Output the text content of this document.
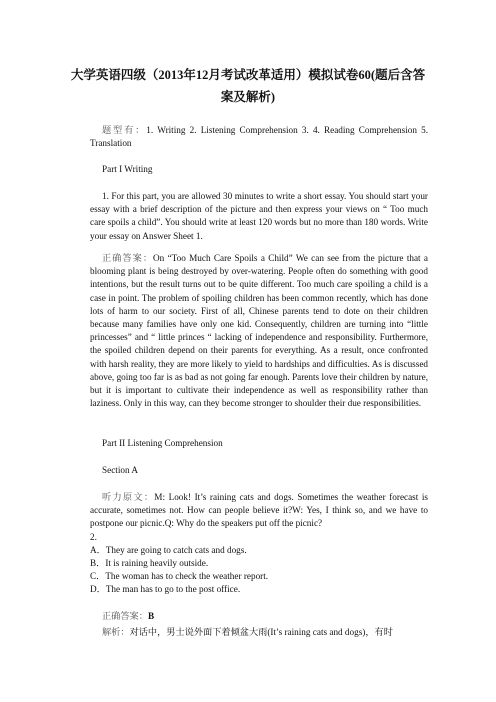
大学英语四级（2013年12月考试改革适用）模拟试卷60(题后含答
案及解析)
题型有：1. Writing 2. Listening Comprehension 3. 4. Reading Comprehension 5. Translation
Part I Writing
1. For this part, you are allowed 30 minutes to write a short essay. You should start your essay with a brief description of the picture and then express your views on “ Too much care spoils a child”. You should write at least 120 words but no more than 180 words. Write your essay on Answer Sheet 1.
正确答案：On “Too Much Care Spoils a Child” We can see from the picture that a blooming plant is being destroyed by over-watering. People often do something with good intentions, but the result turns out to be quite different. Too much care spoiling a child is a case in point. The problem of spoiling children has been common recently, which has done lots of harm to our society. First of all, Chinese parents tend to dote on their children because many families have only one kid. Consequently, children are turning into “little princesses” and “ little princes “ lacking of independence and responsibility. Furthermore, the spoiled children depend on their parents for everything. As a result, once confronted with harsh reality, they are more likely to yield to hardships and difficulties. As is discussed above, going too far is as bad as not going far enough. Parents love their children by nature, but it is important to cultivate their independence as well as responsibility rather than laziness. Only in this way, can they become stronger to shoulder their due responsibilities.
Part II Listening Comprehension
Section A
听力原文：M: Look! It’s raining cats and dogs. Sometimes the weather forecast is accurate, sometimes not. How can people believe it?W: Yes, I think so, and we have to postpone our picnic.Q: Why do the speakers put off the picnic?
2.
A．They are going to catch cats and dogs.
B．It is raining heavily outside.
C．The woman has to check the weather report.
D．The man has to go to the post office.
正确答案：B
解析：对话中，男士说外面下着倾盆大雨(It’s raining cats and dogs)，有时
